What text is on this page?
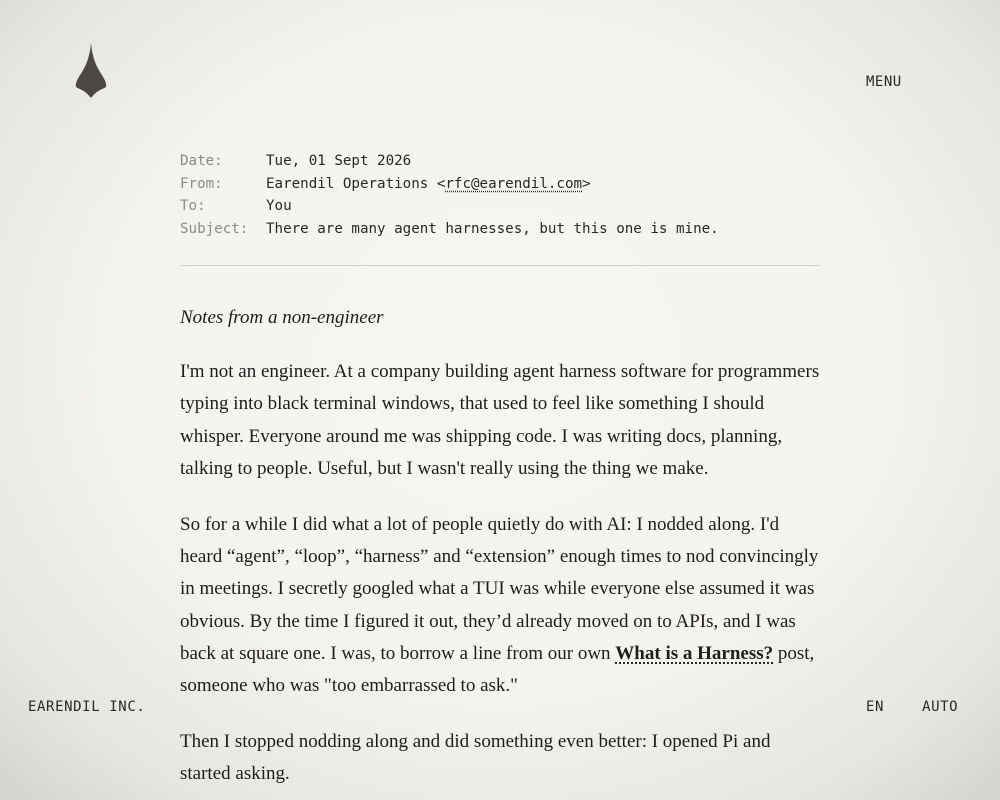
MENU
Date:	Tue, 01 Sept 2026
From:	Earendil Operations <rfc@earendil.com>
To:	You
Subject:	There are many agent harnesses, but this one is mine.

Notes from a non-engineer

I'm not an engineer. At a company building agent harness software for programmers typing into black terminal windows, that used to feel like something I should whisper. Everyone around me was shipping code. I was writing docs, planning, talking to people. Useful, but I wasn't really using the thing we make.

So for a while I did what a lot of people quietly do with AI: I nodded along. I'd heard “agent”, “loop”, “harness” and “extension” enough times to nod convincingly in meetings. I secretly googled what a TUI was while everyone else assumed it was obvious. By the time I figured it out, they’d already moved on to APIs, and I was back at square one. I was, to borrow a line from our own What is a Harness? post, someone who was "too embarrassed to ask."

Then I stopped nodding along and did something even better: I opened Pi and started asking.

EARENDIL INC.	EN	AUTO
